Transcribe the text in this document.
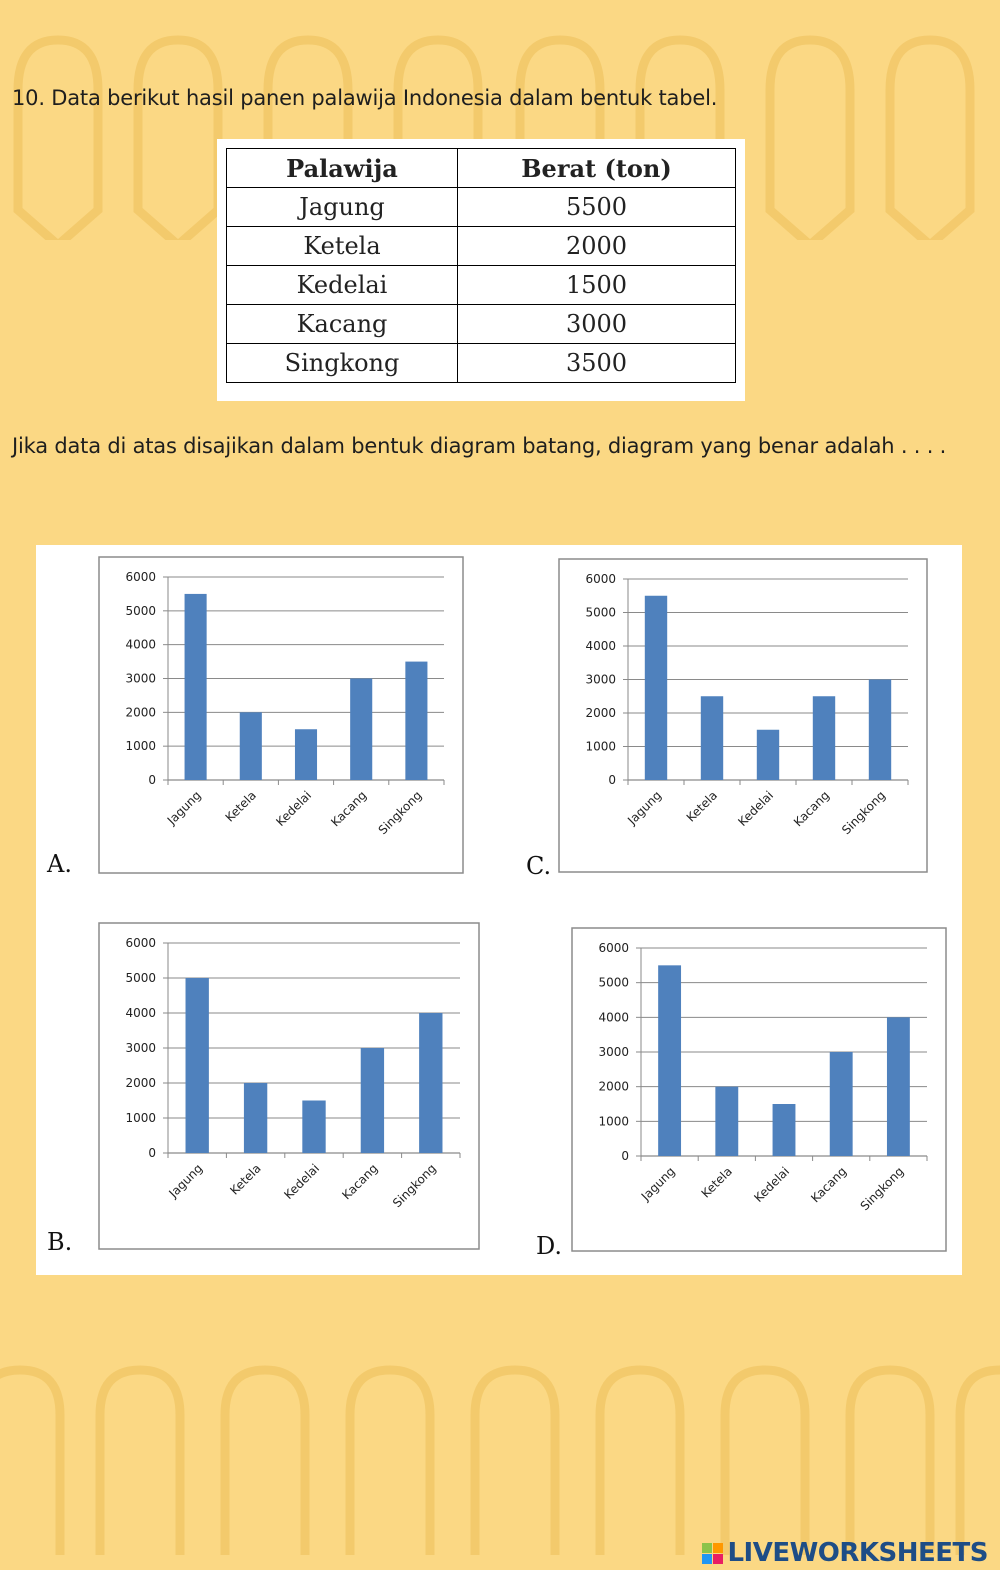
10. Data berikut hasil panen palawija Indonesia dalam bentuk tabel.
Palawija	Berat (ton)
Jagung	5500
Ketela	2000
Kedelai	1500
Kacang	3000
Singkong	3500
Jika data di atas disajikan dalam bentuk diagram batang, diagram yang benar adalah . . . .
0
1000
2000
3000
4000
5000
6000
Jagung Ketela Kedelai Kacang Singkong
A.
0
1000
2000
3000
4000
5000
6000
Jagung Ketela Kedelai Kacang Singkong
C.
0
1000
2000
3000
4000
5000
6000
Jagung Ketela Kedelai Kacang Singkong
B.
0
1000
2000
3000
4000
5000
6000
Jagung Ketela Kedelai Kacang Singkong
D.
LIVEWORKSHEETS
